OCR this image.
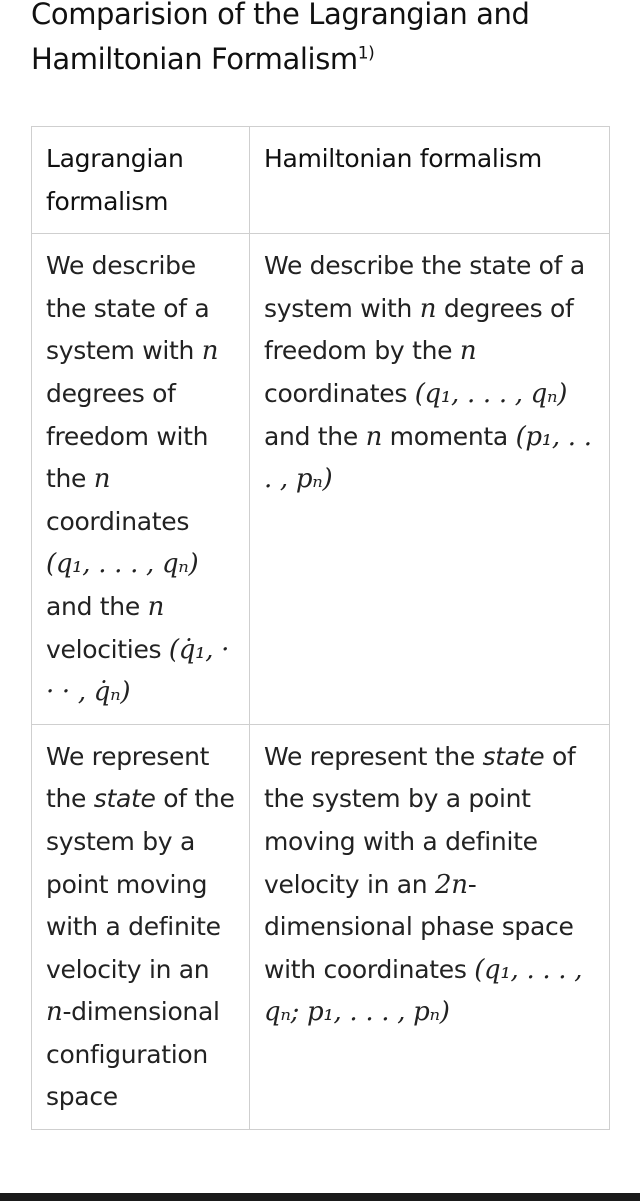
Comparision of the Lagrangian and Hamiltonian Formalism$^{1)}$
Lagrangian formalism	Hamiltonian formalism
We describe the state of a system with n degrees of freedom with the n coordinates (q₁, . . . , qₙ) and the n velocities (q̇₁, · · · , q̇ₙ)	We describe the state of a system with n degrees of freedom by the n coordinates (q₁, . . . , qₙ) and the n momenta (p₁, . . . , pₙ)
We represent the state of the system by a point moving with a definite velocity in an n-dimensional configuration space	We represent the state of the system by a point moving with a definite velocity in an 2n-dimensional phase space with coordinates (q₁, . . . , qₙ; p₁, . . . , pₙ)
